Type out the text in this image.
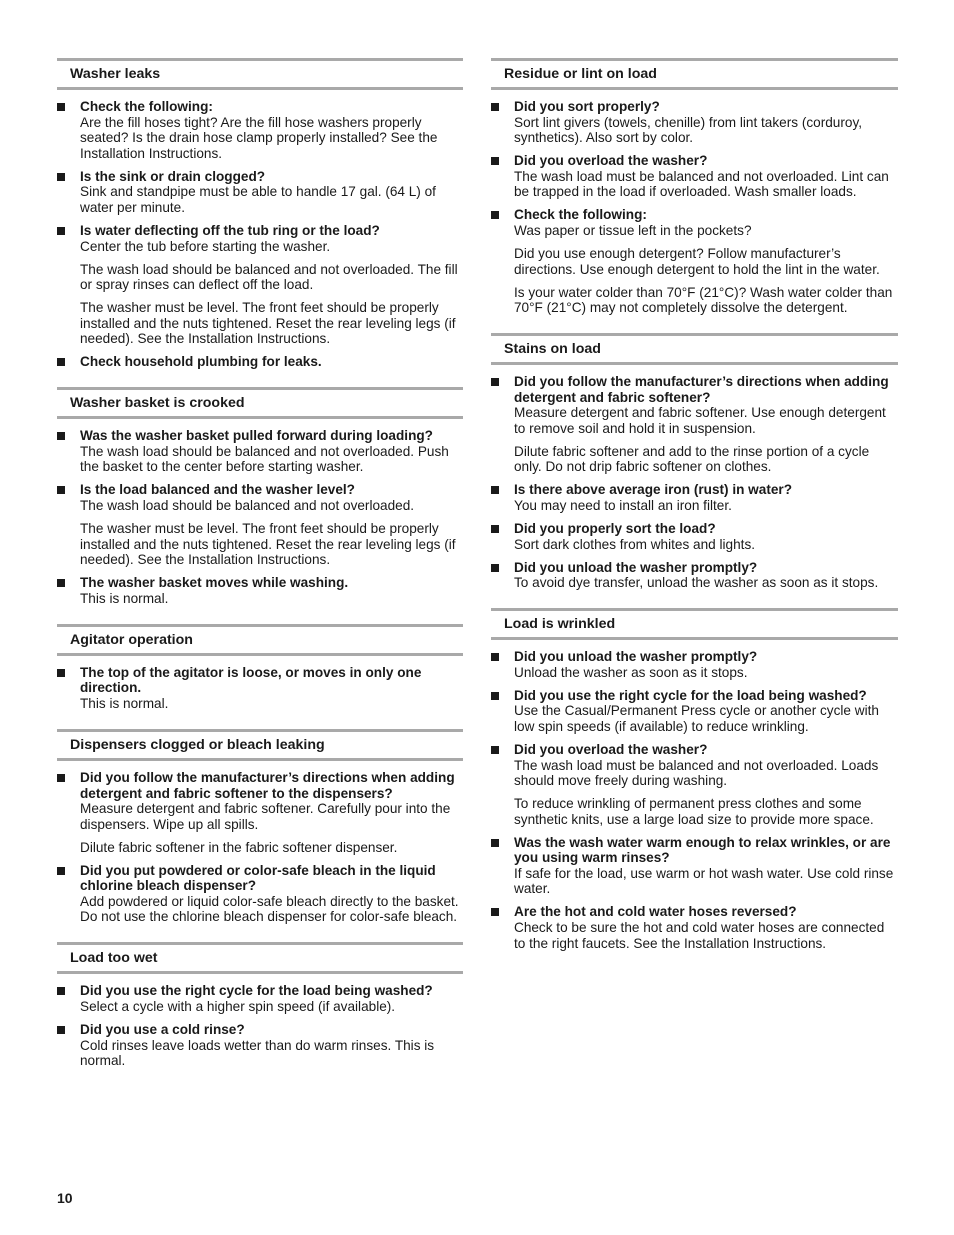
Washer leaks
Check the following:
Are the fill hoses tight? Are the fill hose washers properly seated? Is the drain hose clamp properly installed? See the Installation Instructions.
Is the sink or drain clogged?
Sink and standpipe must be able to handle 17 gal. (64 L) of water per minute.
Is water deflecting off the tub ring or the load?
Center the tub before starting the washer.
The wash load should be balanced and not overloaded. The fill or spray rinses can deflect off the load.
The washer must be level. The front feet should be properly installed and the nuts tightened. Reset the rear leveling legs (if needed). See the Installation Instructions.
Check household plumbing for leaks.
Washer basket is crooked
Was the washer basket pulled forward during loading?
The wash load should be balanced and not overloaded. Push the basket to the center before starting washer.
Is the load balanced and the washer level?
The wash load should be balanced and not overloaded.
The washer must be level. The front feet should be properly installed and the nuts tightened. Reset the rear leveling legs (if needed). See the Installation Instructions.
The washer basket moves while washing.
This is normal.
Agitator operation
The top of the agitator is loose, or moves in only one direction.
This is normal.
Dispensers clogged or bleach leaking
Did you follow the manufacturer’s directions when adding detergent and fabric softener to the dispensers?
Measure detergent and fabric softener. Carefully pour into the dispensers. Wipe up all spills.
Dilute fabric softener in the fabric softener dispenser.
Did you put powdered or color-safe bleach in the liquid chlorine bleach dispenser?
Add powdered or liquid color-safe bleach directly to the basket. Do not use the chlorine bleach dispenser for color-safe bleach.
Load too wet
Did you use the right cycle for the load being washed?
Select a cycle with a higher spin speed (if available).
Did you use a cold rinse?
Cold rinses leave loads wetter than do warm rinses. This is normal.
Residue or lint on load
Did you sort properly?
Sort lint givers (towels, chenille) from lint takers (corduroy, synthetics). Also sort by color.
Did you overload the washer?
The wash load must be balanced and not overloaded. Lint can be trapped in the load if overloaded. Wash smaller loads.
Check the following:
Was paper or tissue left in the pockets?
Did you use enough detergent? Follow manufacturer’s directions. Use enough detergent to hold the lint in the water.
Is your water colder than 70°F (21°C)? Wash water colder than 70°F (21°C) may not completely dissolve the detergent.
Stains on load
Did you follow the manufacturer’s directions when adding detergent and fabric softener?
Measure detergent and fabric softener. Use enough detergent to remove soil and hold it in suspension.
Dilute fabric softener and add to the rinse portion of a cycle only. Do not drip fabric softener on clothes.
Is there above average iron (rust) in water?
You may need to install an iron filter.
Did you properly sort the load?
Sort dark clothes from whites and lights.
Did you unload the washer promptly?
To avoid dye transfer, unload the washer as soon as it stops.
Load is wrinkled
Did you unload the washer promptly?
Unload the washer as soon as it stops.
Did you use the right cycle for the load being washed?
Use the Casual/Permanent Press cycle or another cycle with low spin speeds (if available) to reduce wrinkling.
Did you overload the washer?
The wash load must be balanced and not overloaded. Loads should move freely during washing.
To reduce wrinkling of permanent press clothes and some synthetic knits, use a large load size to provide more space.
Was the wash water warm enough to relax wrinkles, or are you using warm rinses?
If safe for the load, use warm or hot wash water. Use cold rinse water.
Are the hot and cold water hoses reversed?
Check to be sure the hot and cold water hoses are connected to the right faucets. See the Installation Instructions.
10
